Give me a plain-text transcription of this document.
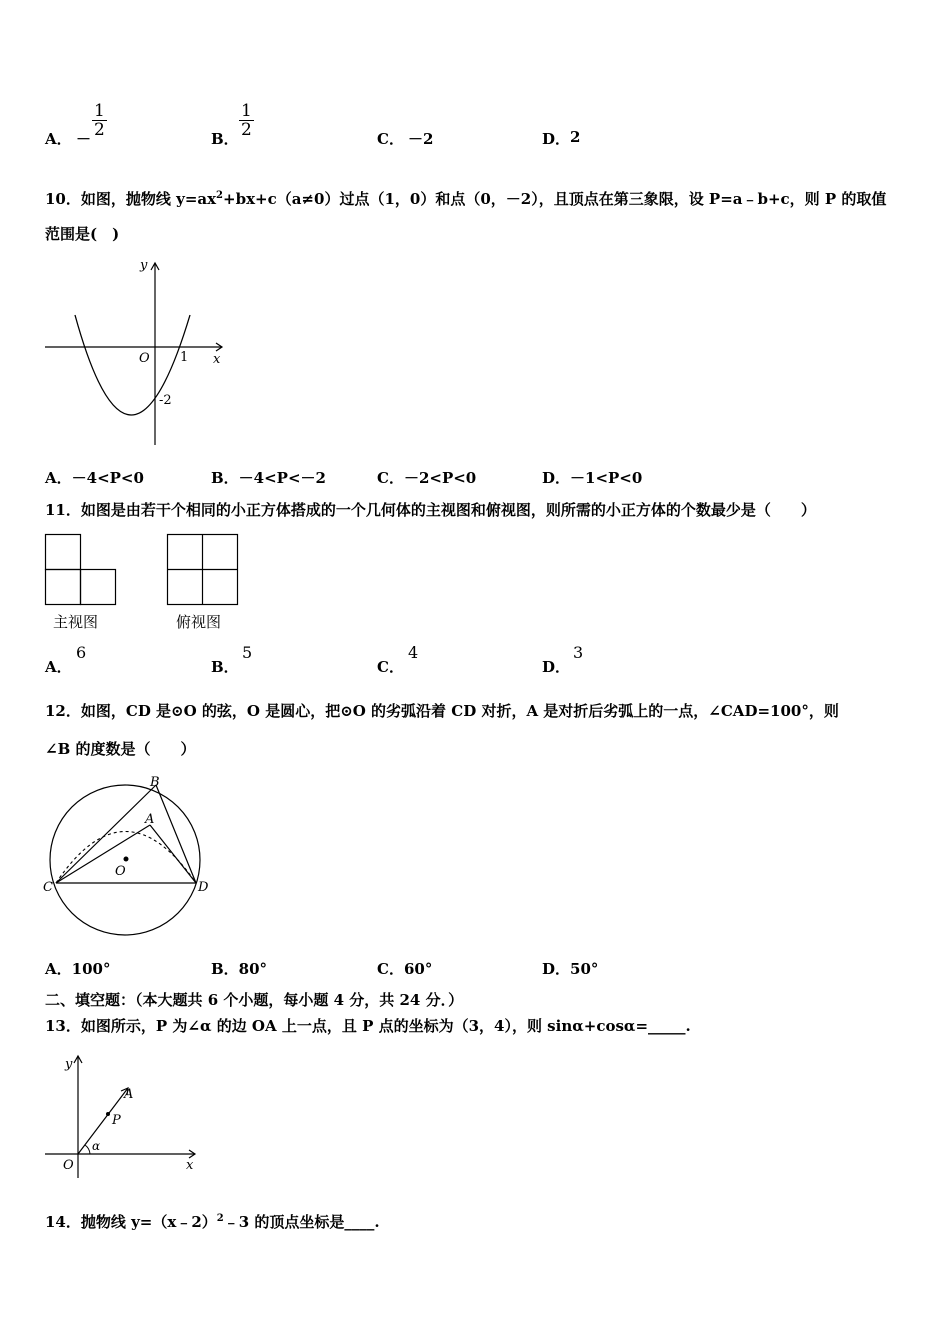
A． － $\frac{1}{2}$	B． $\frac{1}{2}$	C． －2	D． 2
10．如图，抛物线 $y=ax^2+bx+c(a\ne 0)$过点（1，0）和点（0，－2），且顶点在第三象限，设 P=a﹣b+c，则 P 的取值
范围是(　)
y
x
O 1
-2
A．－4<P<0	B．－4<P<－2	C．－2<P<0	D．－1<P<0
11．如图是由若干个相同的小正方体搭成的一个几何体的主视图和俯视图，则所需的小正方体的个数最少是（　　）
主视图	俯视图
A．
6
B．
5
C．
4
D．
3
12．如图，CD 是⊙O 的弦，O 是圆心，把⊙O 的劣弧沿着 CD 对折，A 是对折后劣弧上的一点，∠CAD=100°，则
∠B 的度数是（　　）
B
A
O
C	D
A．100°	B．80°	C．60°	D．50°
二、填空题：（本大题共 6 个小题，每小题 4 分，共 24 分．）
13．如图所示，P 为∠α 的边 OA 上一点，且 P 点的坐标为（3，4），则 sinα+cosα=_____.
y
x
O
A
P
α
14．抛物线 y=（x﹣2）$^2$﹣3 的顶点坐标是____.
